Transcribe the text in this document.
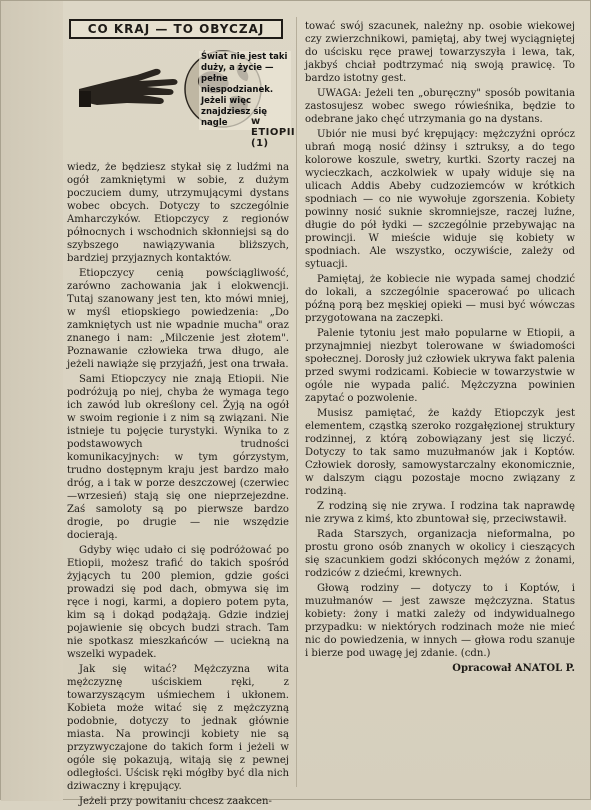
CO KRAJ — TO OBYCZAJ
Świat nie jest taki duży, a życie — pełne niespodzianek. Jeżeli więc znajdziesz się nagle	w ETIOPII (1)

wiedz, że będziesz stykał się z ludźmi na ogół zamkniętymi w sobie, z dużym poczuciem dumy, utrzymującymi dystans wobec obcych. Dotyczy to szczególnie Amharczyków. Etiopczycy z regionów północnych i wschodnich skłonniejsi są do szybszego nawiązywania bliższych, bardziej przyjaznych kontaktów.

Etiopczycy cenią powściągliwość, zarówno zachowania jak i elokwencji. Tutaj szanowany jest ten, kto mówi mniej, w myśl etiopskiego powiedzenia: „Do zamkniętych ust nie wpadnie mucha" oraz znanego i nam: „Milczenie jest złotem". Poznawanie człowieka trwa długo, ale jeżeli nawiąże się przyjaźń, jest ona trwała.

Sami Etiopczycy nie znają Etiopii. Nie podróżują po niej, chyba że wymaga tego ich zawód lub określony cel. Żyją na ogół w swoim regionie i z nim są związani. Nie istnieje tu pojęcie turystyki. Wynika to z podstawowych trudności komunikacyjnych: w tym górzystym, trudno dostępnym kraju jest bardzo mało dróg, a i tak w porze deszczowej (czerwiec—wrzesień) stają się one nieprzejezdne. Zaś samoloty są po pierwsze bardzo drogie, po drugie — nie wszędzie docierają.

Gdyby więc udało ci się podróżować po Etiopii, możesz trafić do takich spośród żyjących tu 200 plemion, gdzie gości prowadzi się pod dach, obmywa się im ręce i nogi, karmi, a dopiero potem pyta, kim są i dokąd podążają. Gdzie indziej pojawienie się obcych budzi strach. Tam nie spotkasz mieszkańców — uciekną na wszelki wypadek.

Jak się witać? Mężczyzna wita mężczyznę uściskiem ręki, z towarzyszącym uśmiechem i ukłonem. Kobieta może witać się z mężczyzną podobnie, dotyczy to jednak głównie miasta. Na prowincji kobiety nie są przyzwyczajone do takich form i jeżeli w ogóle się pokazują, witają się z pewnej odległości. Uścisk ręki mógłby być dla nich dziwaczny i krępujący.

Jeżeli przy powitaniu chcesz zaakcen-

tować swój szacunek, należny np. osobie wiekowej czy zwierzchnikowi, pamiętaj, aby twej wyciągniętej do uścisku ręce prawej towarzyszyła i lewa, tak, jakbyś chciał podtrzymać nią swoją prawicę. To bardzo istotny gest.

UWAGA: Jeżeli ten „oburęczny" sposób powitania zastosujesz wobec swego rówieśnika, będzie to odebrane jako chęć utrzymania go na dystans.

Ubiór nie musi być krępujący: mężczyźni oprócz ubrań mogą nosić dżinsy i sztruksy, a do tego kolorowe koszule, swetry, kurtki. Szorty raczej na wycieczkach, aczkolwiek w upały widuje się na ulicach Addis Abeby cudzoziemców w krótkich spodniach — co nie wywołuje zgorszenia. Kobiety powinny nosić suknie skromniejsze, raczej luźne, długie do pół łydki — szczególnie przebywając na prowincji. W mieście widuje się kobiety w spodniach. Ale wszystko, oczywiście, zależy od sytuacji.

Pamiętaj, że kobiecie nie wypada samej chodzić do lokali, a szczególnie spacerować po ulicach późną porą bez męskiej opieki — musi być wówczas przygotowana na zaczepki.

Palenie tytoniu jest mało popularne w Etiopii, a przynajmniej niezbyt tolerowane w świadomości społecznej. Dorosły już człowiek ukrywa fakt palenia przed swymi rodzicami. Kobiecie w towarzystwie w ogóle nie wypada palić. Mężczyzna powinien zapytać o pozwolenie.

Musisz pamiętać, że każdy Etiopczyk jest elementem, cząstką szeroko rozgałęzionej struktury rodzinnej, z którą zobowiązany jest się liczyć. Dotyczy to tak samo muzułmanów jak i Koptów. Człowiek dorosły, samowystarczalny ekonomicznie, w dalszym ciągu pozostaje mocno związany z rodziną.

Z rodziną się nie zrywa. I rodzina tak naprawdę nie zrywa z kimś, kto zbuntował się, przeciwstawił.

Rada Starszych, organizacja nieformalna, po prostu grono osób znanych w okolicy i cieszących się szacunkiem godzi skłóconych mężów z żonami, rodziców z dziećmi, krewnych.

Głową rodziny — dotyczy to i Koptów, i muzułmanów — jest zawsze mężczyzna. Status kobiety: żony i matki zależy od indywidualnego przypadku: w niektórych rodzinach może nie mieć nic do powiedzenia, w innych — głowa rodu szanuje i bierze pod uwagę jej zdanie. (cdn.)

Opracował ANATOL P.
